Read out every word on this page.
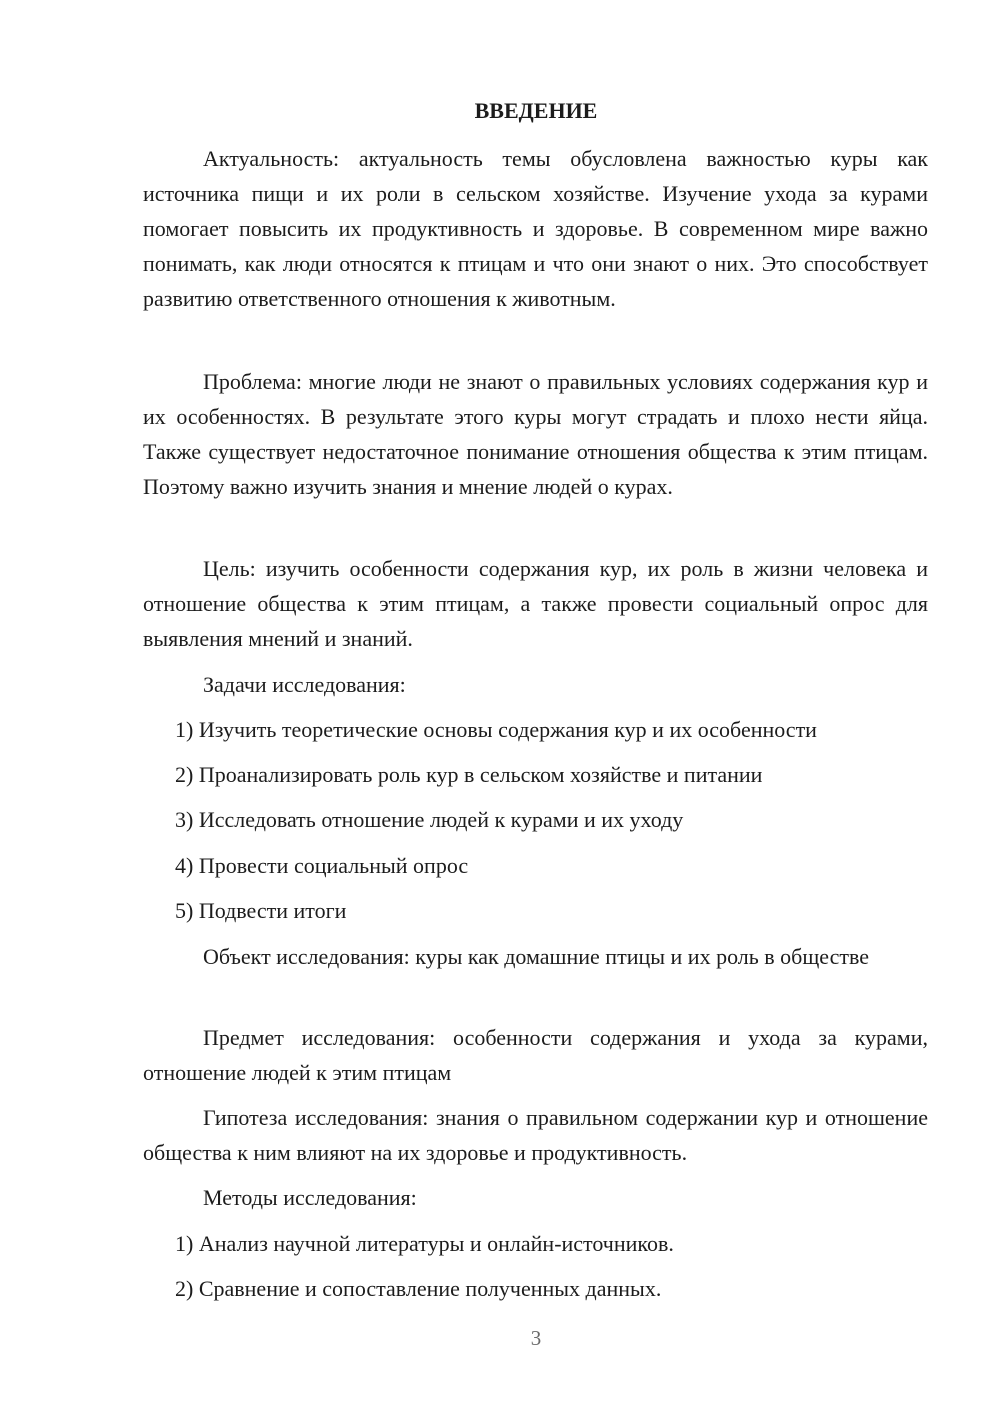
ВВЕДЕНИЕ

Актуальность: актуальность темы обусловлена важностью куры как источника пищи и их роли в сельском хозяйстве. Изучение ухода за курами помогает повысить их продуктивность и здоровье. В современном мире важно понимать, как люди относятся к птицам и что они знают о них. Это способствует развитию ответственного отношения к животным.

Проблема: многие люди не знают о правильных условиях содержания кур и их особенностях. В результате этого куры могут страдать и плохо нести яйца. Также существует недостаточное понимание отношения общества к этим птицам. Поэтому важно изучить знания и мнение людей о курах.

Цель: изучить особенности содержания кур, их роль в жизни человека и отношение общества к этим птицам, а также провести социальный опрос для выявления мнений и знаний.

Задачи исследования:
1) Изучить теоретические основы содержания кур и их особенности
2) Проанализировать роль кур в сельском хозяйстве и питании
3) Исследовать отношение людей к курами и их уходу
4) Провести социальный опрос
5) Подвести итоги

Объект исследования: куры как домашние птицы и их роль в обществе

Предмет исследования: особенности содержания и ухода за курами, отношение людей к этим птицам

Гипотеза исследования: знания о правильном содержании кур и отношение общества к ним влияют на их здоровье и продуктивность.

Методы исследования:
1) Анализ научной литературы и онлайн-источников.
2) Сравнение и сопоставление полученных данных.
3
